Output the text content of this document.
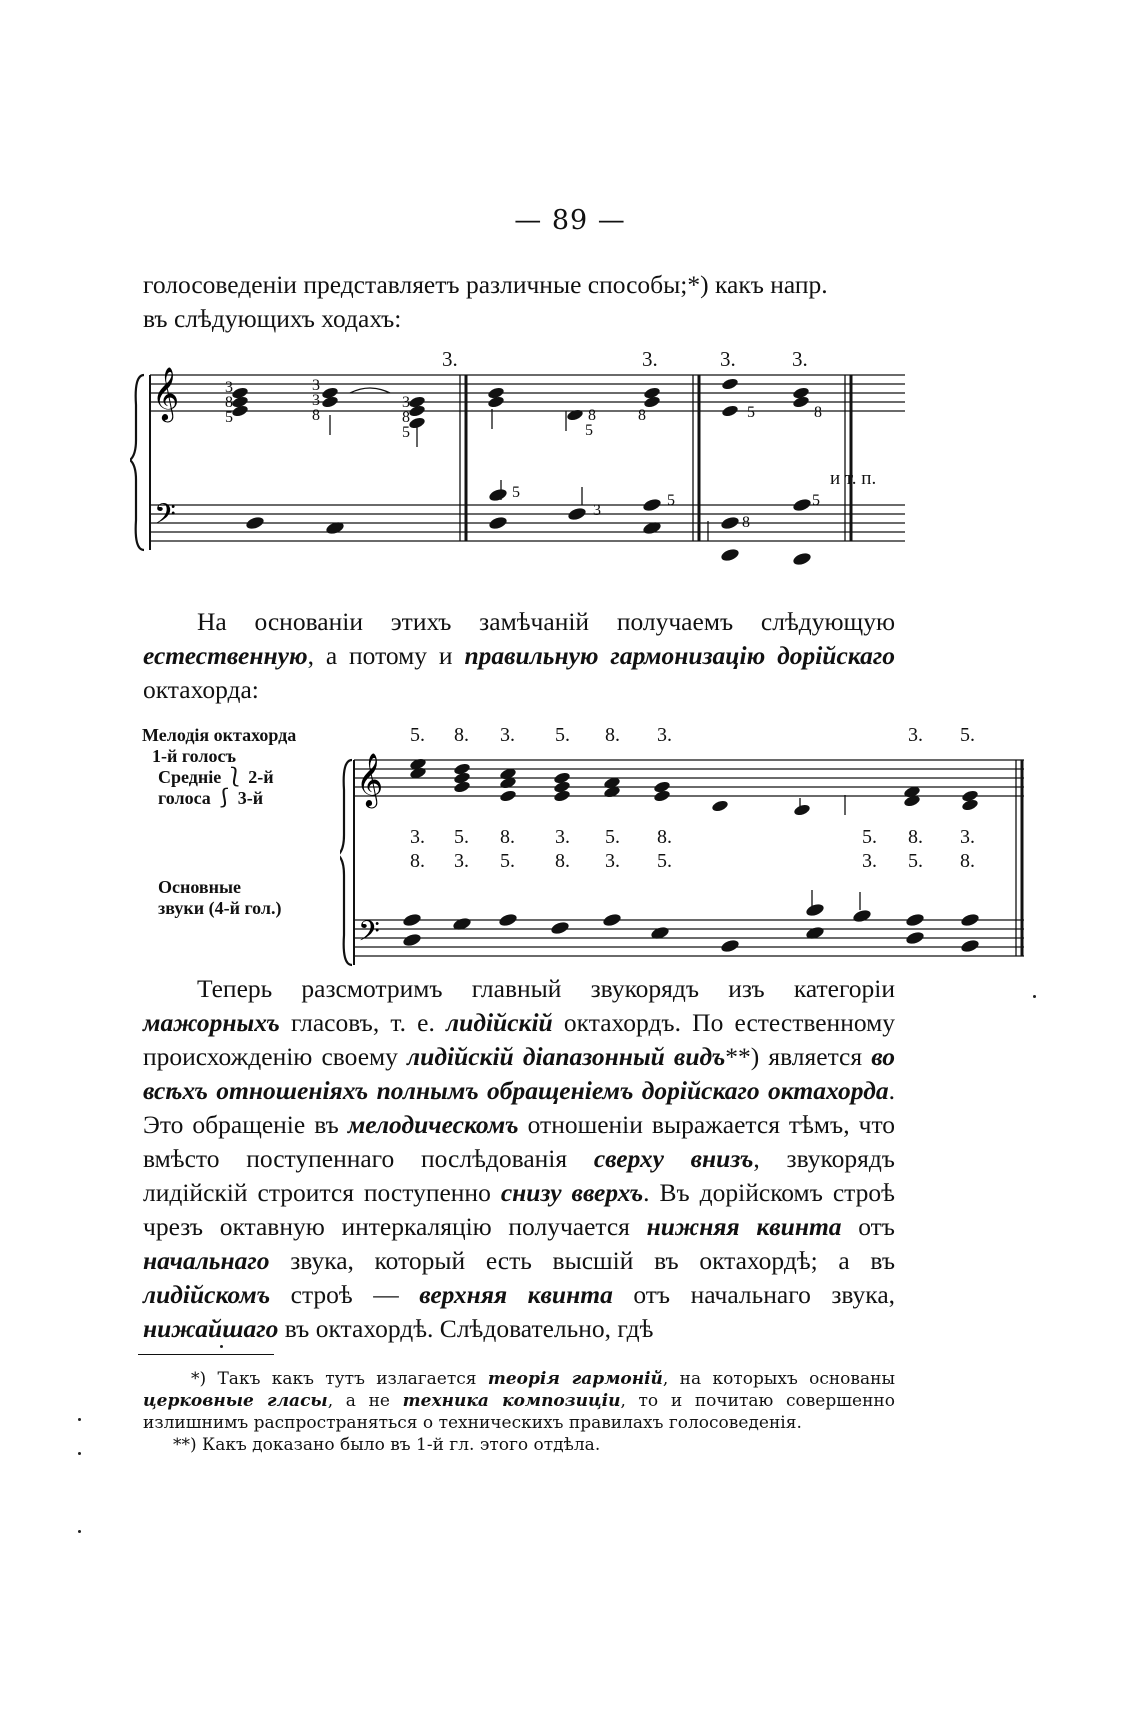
— 89 —
голосоведеніи представляетъ различные способы;*) какъ напр.
въ слѣдующихъ ходахъ:
𝄞
𝄢
3
8
5
3
3
8
3
8
5
8
5
8	5	8
5
3
5
8
5
3.	3.	3.	3.
и т. п.
На основаніи этихъ замѣчаній получаемъ слѣдующую естественную, а потому и правильную гармонизацію дорійскаго октахорда:
Мелодія октахорда
1-й голосъ
Средніе ⎱ 2-й
голоса ⎰ 3-й
Основные
звуки (4-й гол.)
𝄞
𝄢
5. 8. 3. 5. 8. 3.	3. 5.
3. 5. 8. 3. 5. 8.	5. 8. 3.
8. 3. 5. 8. 3. 5.	3. 5. 8.
Теперь разсмотримъ главный звукорядъ изъ категоріи мажорныхъ гласовъ, т. е. лидійскій октахордъ. По естественному происхожденію своему лидійскій діапазонный видъ**) является во всѣхъ отношеніяхъ полнымъ обращеніемъ дорійскаго октахорда. Это обращеніе въ мелодическомъ отношеніи выражается тѣмъ, что вмѣсто поступеннаго послѣдованія сверху внизъ, звукорядъ лидійскій строится поступенно снизу вверхъ. Въ дорійскомъ строѣ чрезъ октавную интеркаляцію получается нижняя квинта отъ начальнаго звука, который есть высшій въ октахордѣ; а въ лидійскомъ строѣ — верхняя квинта отъ начальнаго звука, нижайшаго въ октахордѣ. Слѣдовательно, гдѣ

*) Такъ какъ тутъ излагается теорія гармоній, на которыхъ основаны церковные гласы, а не техника композиціи, то и почитаю совершенно излишнимъ распространяться о техническихъ правилахъ голосоведенія.

**) Какъ доказано было въ 1-й гл. этого отдѣла.
